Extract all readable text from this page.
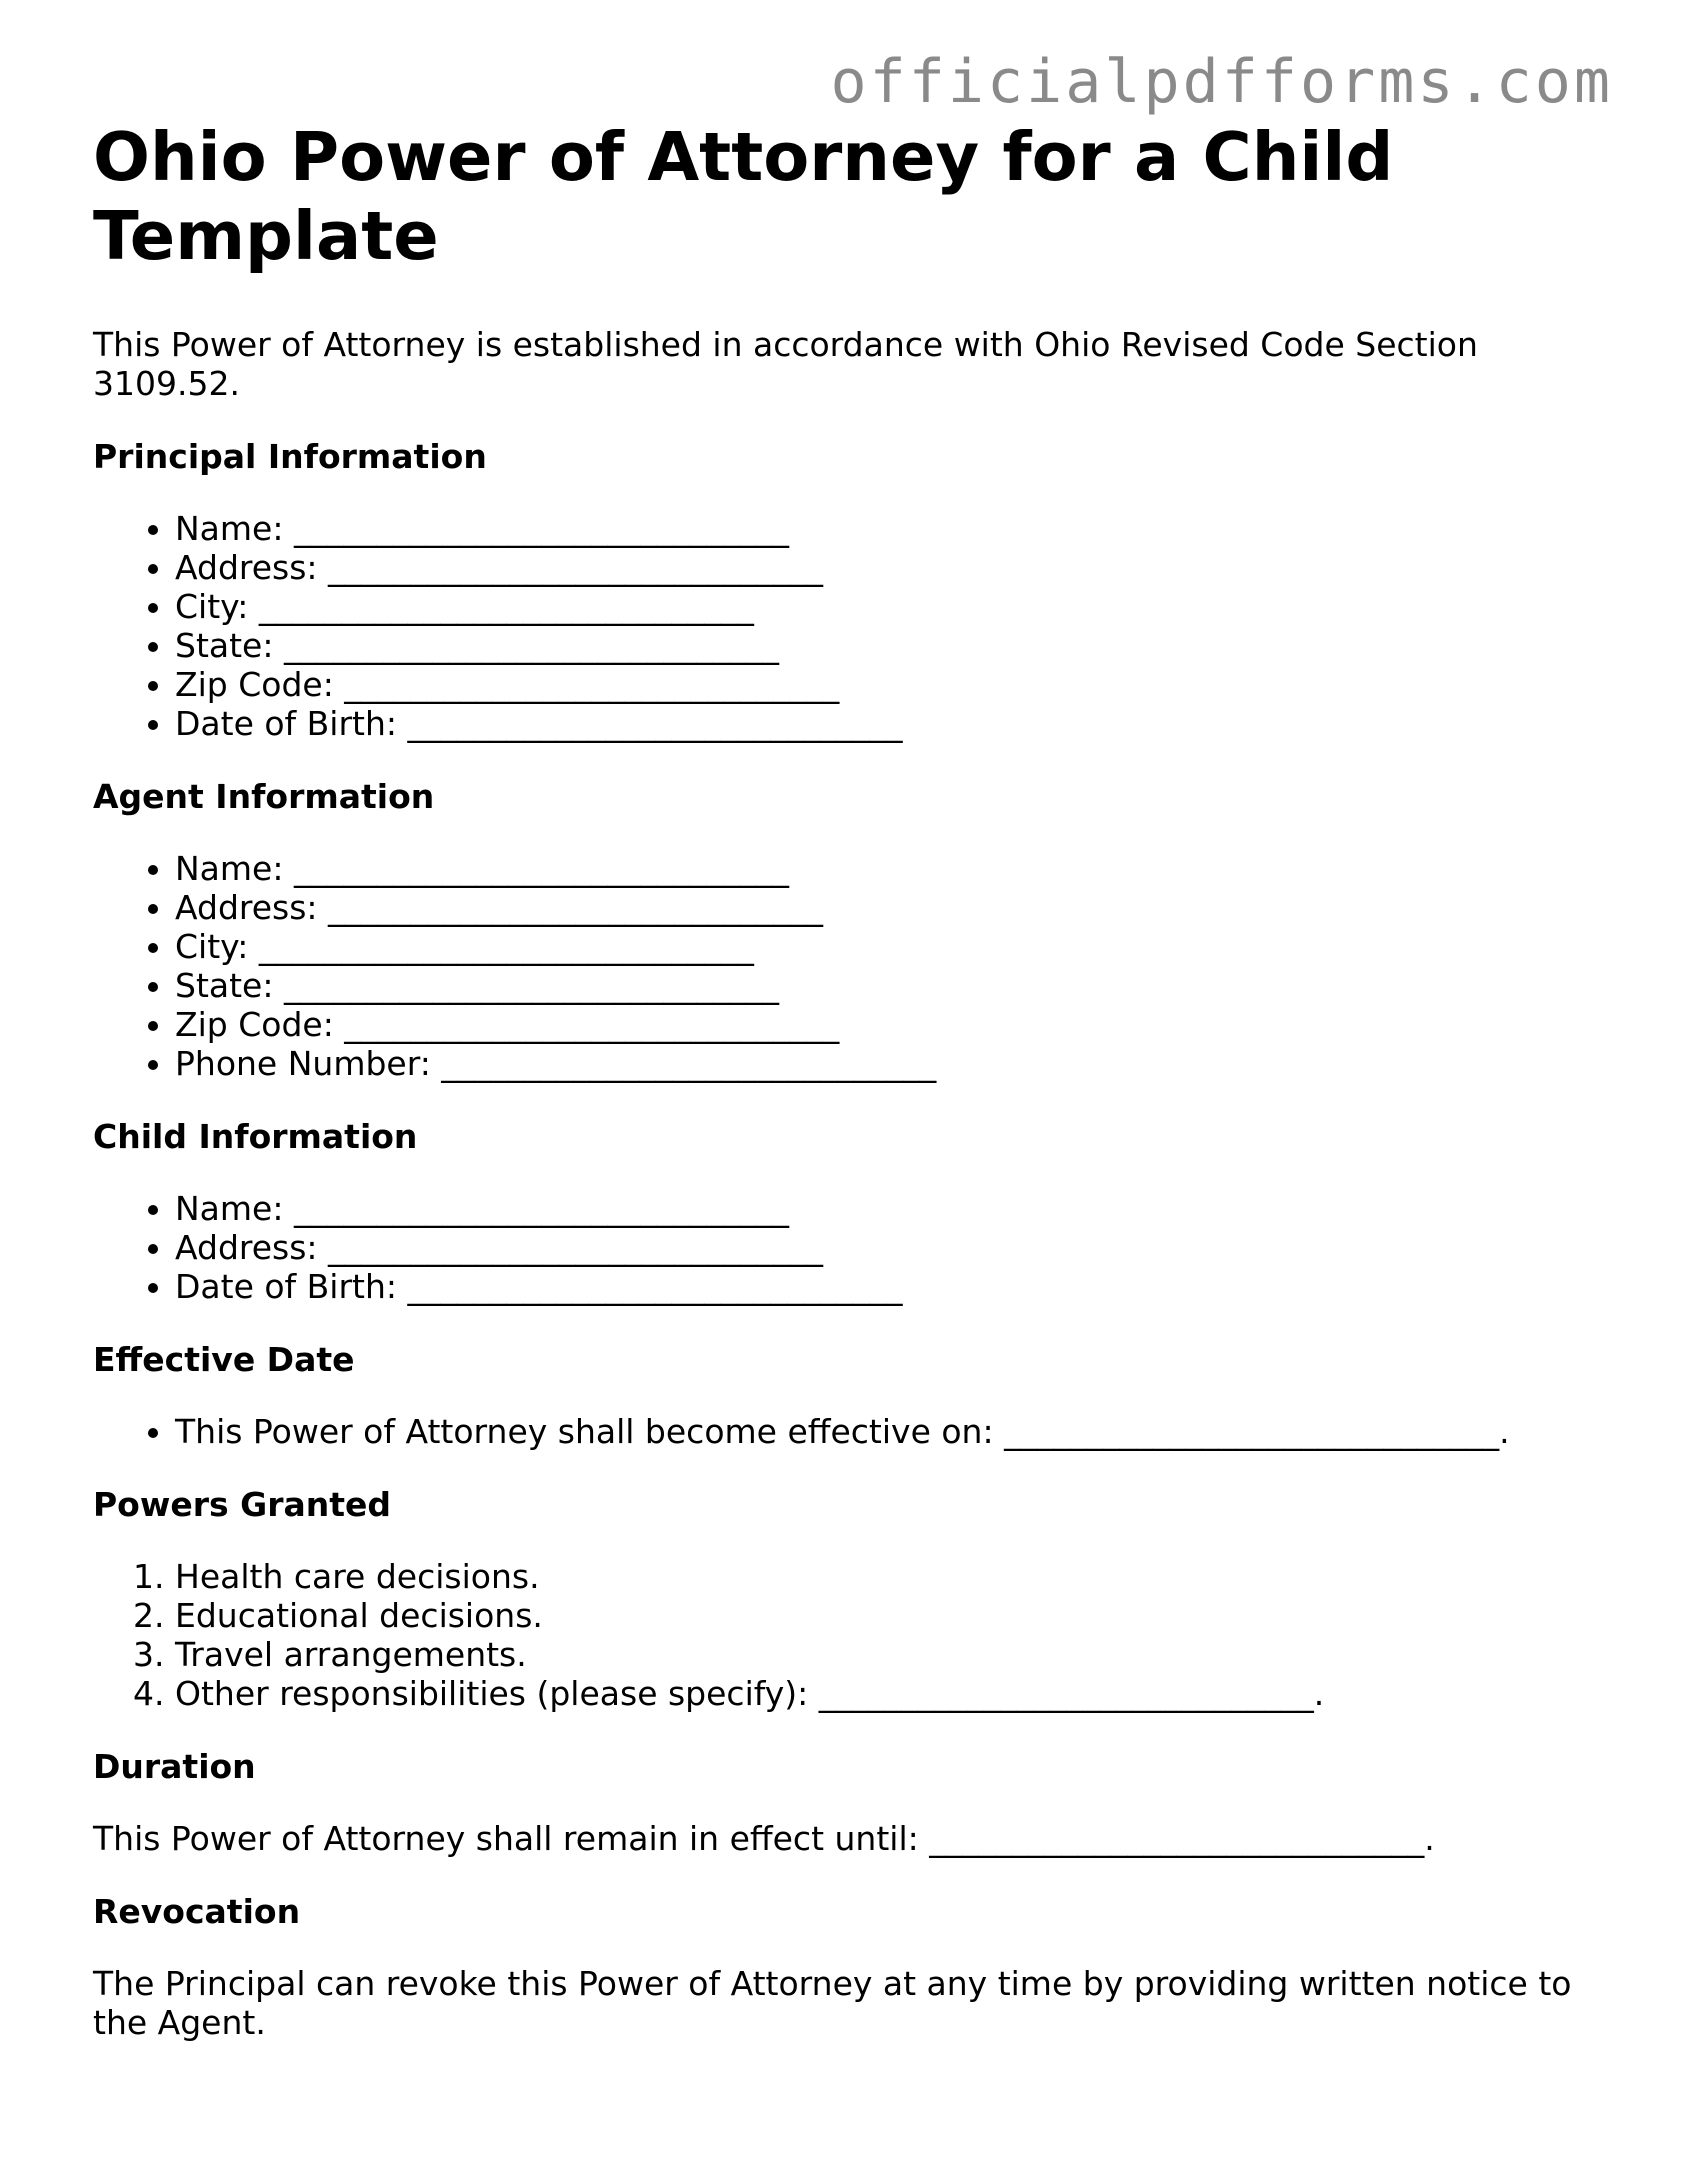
officialpdfforms.com
Ohio Power of Attorney for a Child Template

This Power of Attorney is established in accordance with Ohio Revised Code Section 3109.52.

Principal Information
• Name: ______________________________
• Address: ______________________________
• City: ______________________________
• State: ______________________________
• Zip Code: ______________________________
• Date of Birth: ______________________________
Agent Information
• Name: ______________________________
• Address: ______________________________
• City: ______________________________
• State: ______________________________
• Zip Code: ______________________________
• Phone Number: ______________________________
Child Information
• Name: ______________________________
• Address: ______________________________
• Date of Birth: ______________________________
Effective Date
• This Power of Attorney shall become effective on: ______________________________.
Powers Granted
1. Health care decisions.
2. Educational decisions.
3. Travel arrangements.
4. Other responsibilities (please specify): ______________________________.
Duration

This Power of Attorney shall remain in effect until: ______________________________.

Revocation

The Principal can revoke this Power of Attorney at any time by providing written notice to the Agent.
